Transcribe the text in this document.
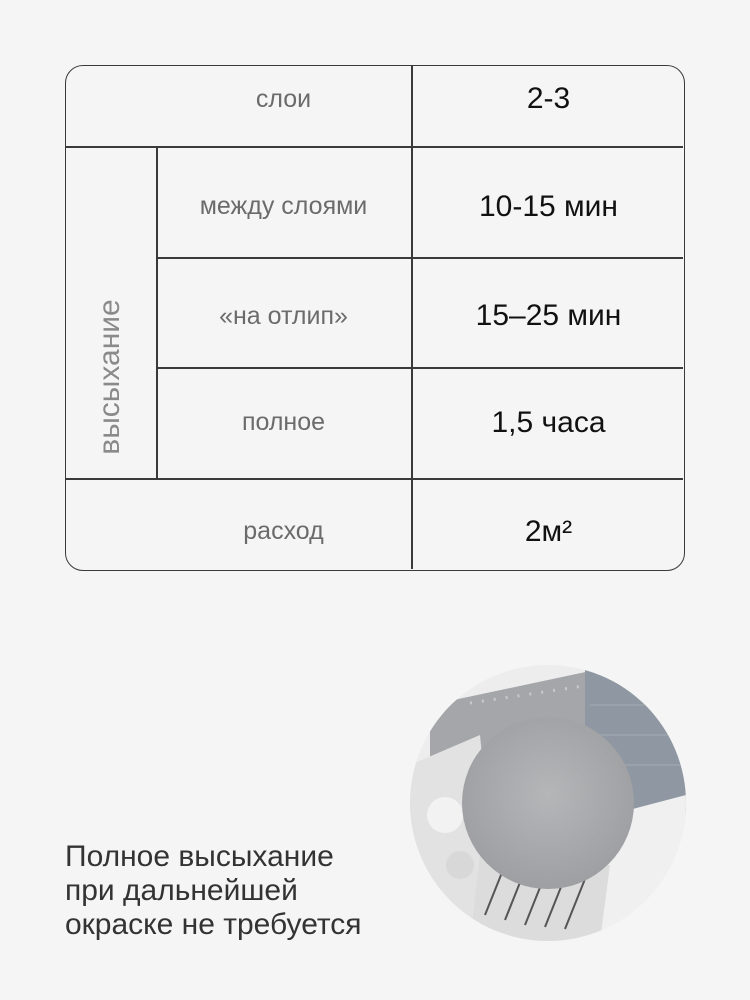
слои	2-3
между слоями	10-15 мин
«на отлип»	15–25 мин
полное	1,5 часа
расход	2м²
высыхание
Полное высыхание
при дальнейшей
окраске не требуется
